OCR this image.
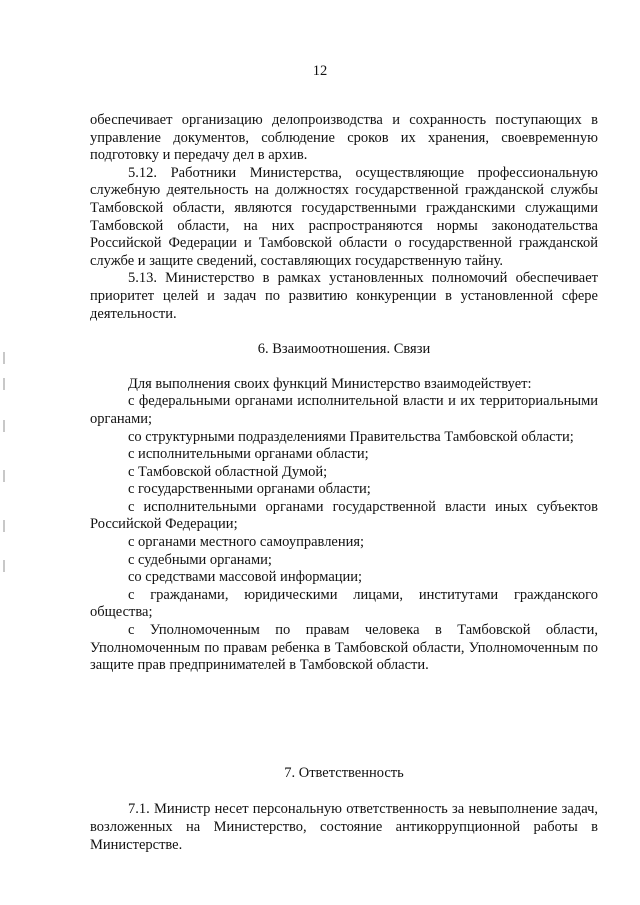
12

обеспечивает организацию делопроизводства и сохранность поступающих в управление документов, соблюдение сроков их хранения, своевременную подготовку и передачу дел в архив.

5.12. Работники Министерства, осуществляющие профессиональную служебную деятельность на должностях государственной гражданской службы Тамбовской области, являются государственными гражданскими служащими Тамбовской области, на них распространяются нормы законодательства Российской Федерации и Тамбовской области о государственной гражданской службе и защите сведений, составляющих государственную тайну.

5.13. Министерство в рамках установленных полномочий обеспечивает приоритет целей и задач по развитию конкуренции в установленной сфере деятельности.

6. Взаимоотношения. Связи

Для выполнения своих функций Министерство взаимодействует:

с федеральными органами исполнительной власти и их территориальными органами;

со структурными подразделениями Правительства Тамбовской области;

с исполнительными органами области;

с Тамбовской областной Думой;

с государственными органами области;

с исполнительными органами государственной власти иных субъектов Российской Федерации;

с органами местного самоуправления;

с судебными органами;

со средствами массовой информации;

с гражданами, юридическими лицами, институтами гражданского общества;

с Уполномоченным по правам человека в Тамбовской области, Уполномоченным по правам ребенка в Тамбовской области, Уполномоченным по защите прав предпринимателей в Тамбовской области.

7. Ответственность

7.1. Министр несет персональную ответственность за невыполнение задач, возложенных на Министерство, состояние антикоррупционной работы в Министерстве.
